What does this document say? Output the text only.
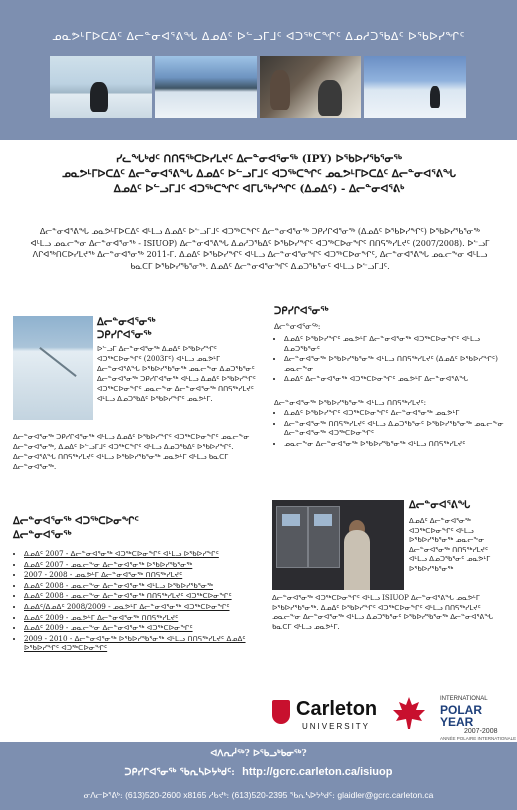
ᓄᓇᕗᒻᒥᐅᑕᐃᑦ ᐃᓕᓐᓂᐊᕐᕕᖓ ᐃᓄᐃᑦ ᐅᓪᓗᒥᒧᑦ ᐊᑐᖅᑕᖏᑦ ᐃᓄᓱᑐᖃᐃᑦ ᐅᖃᐅᓯᖏᑦ

ᓯᓚᖓᒃᑯᑦ ᑎᑎᕋᖅᑕᐅᓯᒪᔪᑦ ᐃᓕᓐᓂᐊᕐᓂᖅ (IPY) ᐅᖃᐅᓯᖃᕐᓂᖅ

ᓄᓇᕗᒻᒥᐅᑕᐃᑦ ᐃᓕᓐᓂᐊᕐᕕᖓ ᐃᓄᐃᑦ ᐅᓪᓗᒥᒧᑦ ᐊᑐᖅᑕᖏᑦ ᓄᓇᕗᒻᒥᐅᑕᐃᑦ ᐃᓕᓐᓂᐊᕐᕕᖓ

ᐃᓄᐃᑦ ᐅᓪᓗᒥᒧᑦ ᐊᑐᖅᑕᖏᑦ ᐊᒥᒐᖅᓯᖏᑦ (ᐃᓄᐃᑦ) - ᐃᓕᓐᓂᐊᕐᕕᒃ

ᐃᓕᓐᓂᐊᕐᕕᖓ ᓄᓇᕗᒻᒥᐅᑕᐃᑦ ᐊᒻᒪᓗ ᐃᓄᐃᑦ ᐅᓪᓗᒥᒧᑦ ᐊᑐᖅᑕᖏᑦ ᐃᓕᓐᓂᐊᕐᓂᖅ ᑐᑭᓯᒋᐊᕐᓂᖅ (ᐃᓄᐃᑦ ᐅᖃᐅᓯᖏᑦ) ᐅᖃᐅᓯᖃᕐᓂᖅ ᐊᒻᒪᓗ ᓄᓇᓕᖕᓂ ᐃᓕᓐᓂᐊᕐᓂᖅ - ISIUOP) ᐃᓕᓐᓂᐊᕐᕕᖓ ᐃᓄᓱᑐᖃᐃᑦ ᐅᖃᐅᓯᖏᑦ ᐊᑐᖅᑕᐅᓂᖏᑦ ᑎᑎᕋᖅᓯᒪᔪᑦ (2007/2008). ᐅᓪᓗᒥ ᐱᒋᐊᖅᑎᑕᐅᓯᒪᔪᖅ ᐃᓕᓐᓂᐊᕐᓂᖅ 2011-ᒥ. ᐃᓄᐃᑦ ᐅᖃᐅᓯᖏᑦ ᐊᒻᒪᓗ ᐃᓕᓐᓂᐊᕐᓂᖏᑦ ᐊᑐᖅᑕᐅᓂᖏᑦ, ᐃᓕᓐᓂᐊᕐᕕᖓ ᓄᓇᓕᖕᓂ ᐊᒻᒪᓗ ᑲᓇᑕᒥ ᐅᖃᐅᓯᖃᕐᓂᖅ. ᐃᓄᐃᑦ ᐃᓕᓐᓂᐊᕐᓂᖏᑦ ᐃᓄᑐᖃᕐᓂᑦ ᐊᒻᒪᓗ ᐅᓪᓗᒥᒧᑦ.
ᐃᓕᓐᓂᐊᕐᓂᖅ
ᑐᑭᓯᒋᐊᕐᓂᖅ
ᐅᓪᓗᒥ ᐃᓕᓐᓂᐊᕐᓂᖅ ᐃᓄᐃᑦ ᐅᖃᐅᓯᖏᑦ ᐊᑐᖅᑕᐅᓂᖏᑦ (2003ᒥᑦ) ᐊᒻᒪᓗ ᓄᓇᕗᒻᒥ ᐃᓕᓐᓂᐊᕐᕕᖓ ᐅᖃᐅᓯᖃᕐᓂᖅ ᓄᓇᓕᖕᓂ ᐃᓄᑐᖃᕐᓂᑦ ᐃᓕᓐᓂᐊᕐᓂᖅ ᑐᑭᓯᒋᐊᕐᓂᖅ ᐊᒻᒪᓗ ᐃᓄᐃᑦ ᐅᖃᐅᓯᖏᑦ ᐊᑐᖅᑕᐅᓂᖏᑦ ᓄᓇᓕᖕᓂ ᐃᓕᓐᓂᐊᕐᓂᖅ ᑎᑎᕋᖅᓯᒪᔪᑦ ᐊᒻᒪᓗ ᐃᓄᑐᖃᐃᑦ ᐅᖃᐅᓯᖏᑦ ᓄᓇᕗᒻᒥ.
ᐃᓕᓐᓂᐊᕐᓂᖅ ᑐᑭᓯᒋᐊᕐᓂᖅ ᐊᒻᒪᓗ ᐃᓄᐃᑦ ᐅᖃᐅᓯᖏᑦ ᐊᑐᖅᑕᐅᓂᖏᑦ ᓄᓇᓕᖕᓂ ᐃᓕᓐᓂᐊᕐᓂᖅ, ᐃᓄᐃᑦ ᐅᓪᓗᒥᒧᑦ ᐊᑐᖅᑕᖏᑦ ᐊᒻᒪᓗ ᐃᓄᑐᖃᐃᑦ ᐅᖃᐅᓯᖏᑦ. ᐃᓕᓐᓂᐊᕐᕕᖓ ᑎᑎᕋᖅᓯᒪᔪᑦ ᐊᒻᒪᓗ ᐅᖃᐅᓯᖃᕐᓂᖅ ᓄᓇᕗᒻᒥ ᐊᒻᒪᓗ ᑲᓇᑕᒥ ᐃᓕᓐᓂᐊᕐᓂᖅ.
ᐃᓕᓐᓂᐊᕐᓂᖅ ᐊᑐᖅᑕᐅᓂᖏᑦ
ᐃᓕᓐᓂᐊᕐᓂᖅ
• ᐃᓄᐃᑦ 2007 - ᐃᓕᓐᓂᐊᕐᓂᖅ ᐊᑐᖅᑕᐅᓂᖏᑦ ᐊᒻᒪᓗ ᐅᖃᐅᓯᖏᑦ
• ᐃᓄᐃᑦ 2007 - ᓄᓇᓕᖕᓂ ᐃᓕᓐᓂᐊᕐᓂᖅ ᐅᖃᐅᓯᖃᕐᓂᖅ
• 2007 - 2008 - ᓄᓇᕗᒻᒥ ᐃᓕᓐᓂᐊᕐᓂᖅ ᑎᑎᕋᖅᓯᒪᔪᑦ
• ᐃᓄᐃᑦ 2008 - ᓄᓇᓕᖕᓂ ᐃᓕᓐᓂᐊᕐᓂᖅ ᐊᒻᒪᓗ ᐅᖃᐅᓯᖃᕐᓂᖅ
• ᐃᓄᐃᑦ 2008 - ᓄᓇᓕᖕᓂ ᐃᓕᓐᓂᐊᕐᓂᖅ ᑎᑎᕋᖅᓯᒪᔪᑦ ᐊᑐᖅᑕᐅᓂᖏᑦ
• ᐃᓄᐃᑦ/ᐃᓄᐃᑦ 2008/2009 - ᓄᓇᕗᒻᒥ ᐃᓕᓐᓂᐊᕐᓂᖅ ᐊᑐᖅᑕᐅᓂᖏᑦ
• ᐃᓄᐃᑦ 2009 - ᓄᓇᕗᒻᒥ ᐃᓕᓐᓂᐊᕐᓂᖅ ᑎᑎᕋᖅᓯᒪᔪᑦ
• ᐃᓄᐃᑦ 2009 - ᓄᓇᓕᖕᓂ ᐃᓕᓐᓂᐊᕐᓂᖅ ᐊᑐᖅᑕᐅᓂᖏᑦ
• 2009 - 2010 - ᐃᓕᓐᓂᐊᕐᓂᖅ ᐅᖃᐅᓯᖃᕐᓂᖅ ᐊᒻᒪᓗ ᑎᑎᕋᖅᓯᒪᔪᑦ ᐃᓄᐃᑦ ᐅᖃᐅᓯᖏᑦ ᐊᑐᖅᑕᐅᓂᖏᑦ
ᑐᑭᓯᒋᐊᕐᓂᖅ
ᐃᓕᓐᓂᐊᕐᓂᖅ:
• ᐃᓄᐃᑦ ᐅᖃᐅᓯᖏᑦ ᓄᓇᕗᒻᒥ ᐃᓕᓐᓂᐊᕐᓂᖅ ᐊᑐᖅᑕᐅᓂᖏᑦ ᐊᒻᒪᓗ ᐃᓄᑐᖃᕐᓂᑦ
• ᐃᓕᓐᓂᐊᕐᓂᖅ ᐅᖃᐅᓯᖃᕐᓂᖅ ᐊᒻᒪᓗ ᑎᑎᕋᖅᓯᒪᔪᑦ (ᐃᓄᐃᑦ ᐅᖃᐅᓯᖏᑦ) ᓄᓇᓕᖕᓂ
• ᐃᓄᐃᑦ ᐃᓕᓐᓂᐊᕐᓂᖅ ᐊᑐᖅᑕᐅᓂᖏᑦ ᓄᓇᕗᒻᒥ ᐃᓕᓐᓂᐊᕐᕕᖓ
ᐃᓕᓐᓂᐊᕐᓂᖅ ᐅᖃᐅᓯᖃᕐᓂᖅ ᐊᒻᒪᓗ ᑎᑎᕋᖅᓯᒪᔪᑦ:
• ᐃᓄᐃᑦ ᐅᖃᐅᓯᖏᑦ ᐊᑐᖅᑕᐅᓂᖏᑦ ᐃᓕᓐᓂᐊᕐᓂᖅ ᓄᓇᕗᒻᒥ
• ᐃᓕᓐᓂᐊᕐᓂᖅ ᑎᑎᕋᖅᓯᒪᔪᑦ ᐊᒻᒪᓗ ᐃᓄᑐᖃᕐᓂᑦ ᐅᖃᐅᓯᖃᕐᓂᖅ ᓄᓇᓕᖕᓂ ᐃᓕᓐᓂᐊᕐᓂᖅ ᐊᑐᖅᑕᐅᓂᖏᑦ
• ᓄᓇᓕᖕᓂ ᐃᓕᓐᓂᐊᕐᓂᖅ ᐅᖃᐅᓯᖃᕐᓂᖅ ᐊᒻᒪᓗ ᑎᑎᕋᖅᓯᒪᔪᑦ
ᐃᓕᓐᓂᐊᕐᕕᖓ
ᐃᓄᐃᑦ ᐃᓕᓐᓂᐊᕐᓂᖅ ᐊᑐᖅᑕᐅᓂᖏᑦ ᐊᒻᒪᓗ ᐅᖃᐅᓯᖃᕐᓂᖅ ᓄᓇᓕᖕᓂ ᐃᓕᓐᓂᐊᕐᓂᖅ ᑎᑎᕋᖅᓯᒪᔪᑦ ᐊᒻᒪᓗ ᐃᓄᑐᖃᕐᓂᑦ ᓄᓇᕗᒻᒥ ᐅᖃᐅᓯᖃᕐᓂᖅ
ᐃᓕᓐᓂᐊᕐᓂᖅ ᐊᑐᖅᑕᐅᓂᖏᑦ ᐊᒻᒪᓗ ISIUOP ᐃᓕᓐᓂᐊᕐᕕᖓ ᓄᓇᕗᒻᒥ ᐅᖃᐅᓯᖃᕐᓂᖅ. ᐃᓄᐃᑦ ᐅᖃᐅᓯᖏᑦ ᐊᑐᖅᑕᐅᓂᖏᑦ ᐊᒻᒪᓗ ᑎᑎᕋᖅᓯᒪᔪᑦ ᓄᓇᓕᖕᓂ ᐃᓕᓐᓂᐊᕐᓂᖅ ᐊᒻᒪᓗ ᐃᓄᑐᖃᕐᓂᑦ ᐅᖃᐅᓯᖃᕐᓂᖅ ᐃᓕᓐᓂᐊᕐᕕᖓ ᑲᓇᑕᒥ ᐊᒻᒪᓗ ᓄᓇᕗᒻᒥ.
Carleton
UNIVERSITY
INTERNATIONAL
POLAR YEAR
2007-2008
ANNÉE POLAIRE INTERNATIONALE
ᐊᐱᕆᓲᖅ? ᐅᖃᓗᒃᑲᓂᖅ?
ᑐᑭᓯᒋᐊᕐᓂᖅ ᖃᕆᓴᐅᔭᒃᑯᑦ: http://gcrc.carleton.ca/isiuop
ᓂᐱᓕᐅᕐᕕᒃ: (613)520-2600 x8165 ᓱᑲᔪᒃ: (613)520-2395 ᖃᕆᓴᐅᔭᒃᑯᑦ: glaidler@gcrc.carleton.ca
